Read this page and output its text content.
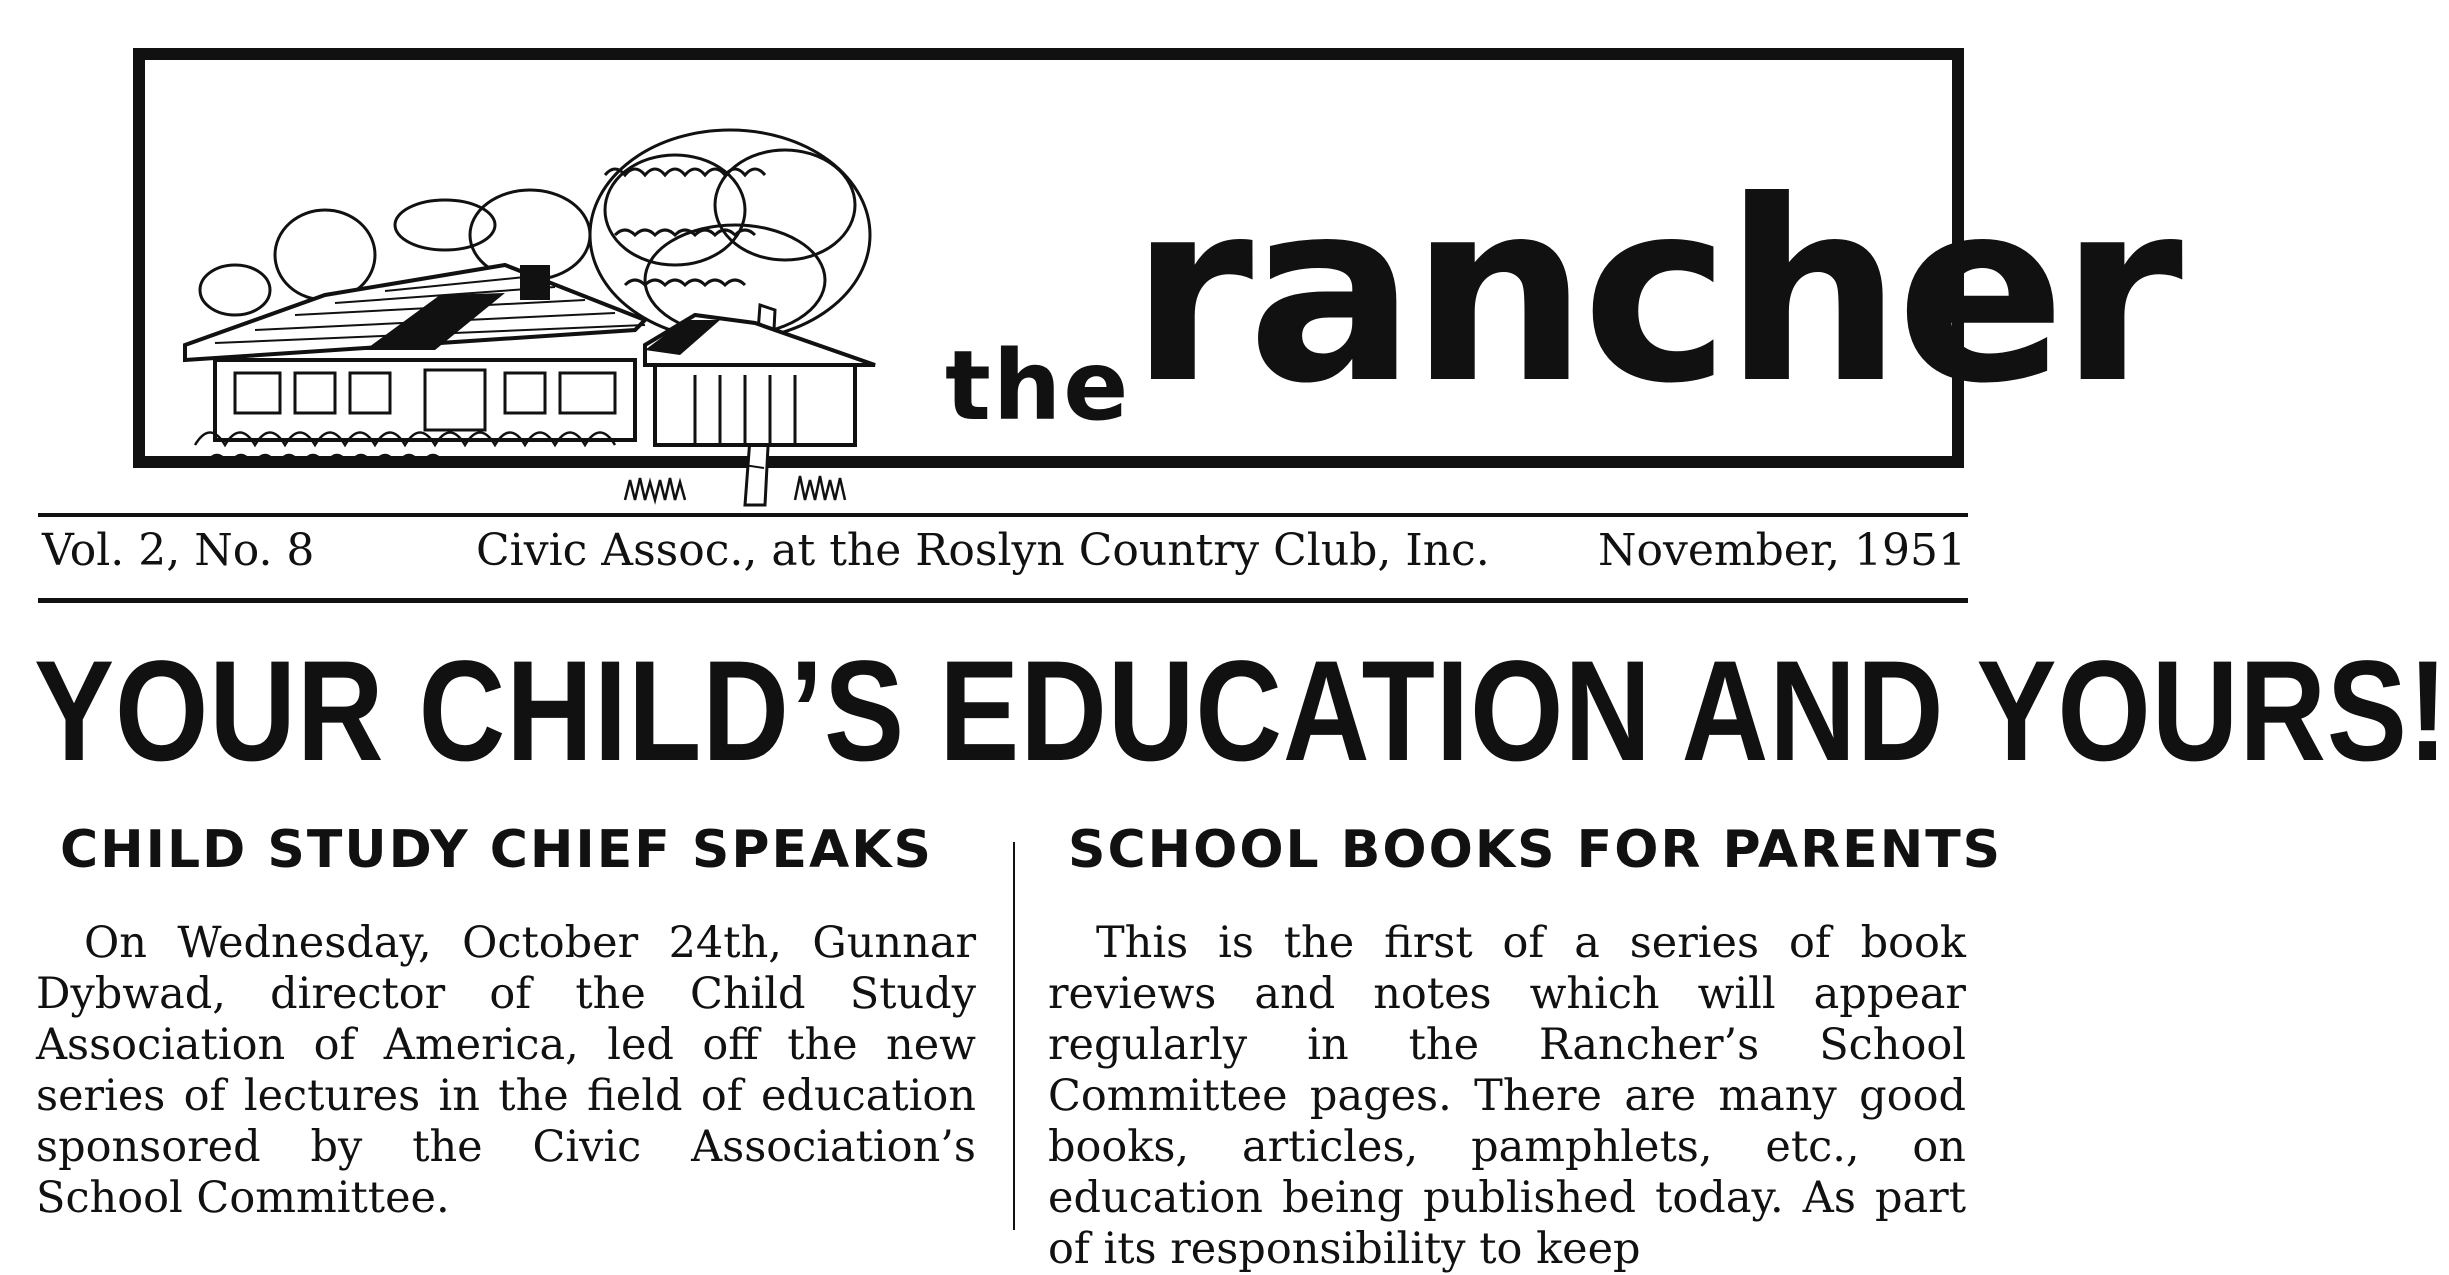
the rancher
Vol. 2, No. 8	Civic Assoc., at the Roslyn Country Club, Inc. November, 1951
YOUR CHILD’S EDUCATION AND YOURS!
CHILD STUDY CHIEF SPEAKS

On Wednesday, October 24th, Gunnar Dybwad, director of the Child Study Association of America, led off the new series of lectures in the field of education sponsored by the Civic Association’s School Committee.

SCHOOL BOOKS FOR PARENTS

This is the first of a series of book reviews and notes which will appear regularly in the Rancher’s School Committee pages. There are many good books, articles, pamphlets, etc., on education being published today. As part of its responsibility to keep
